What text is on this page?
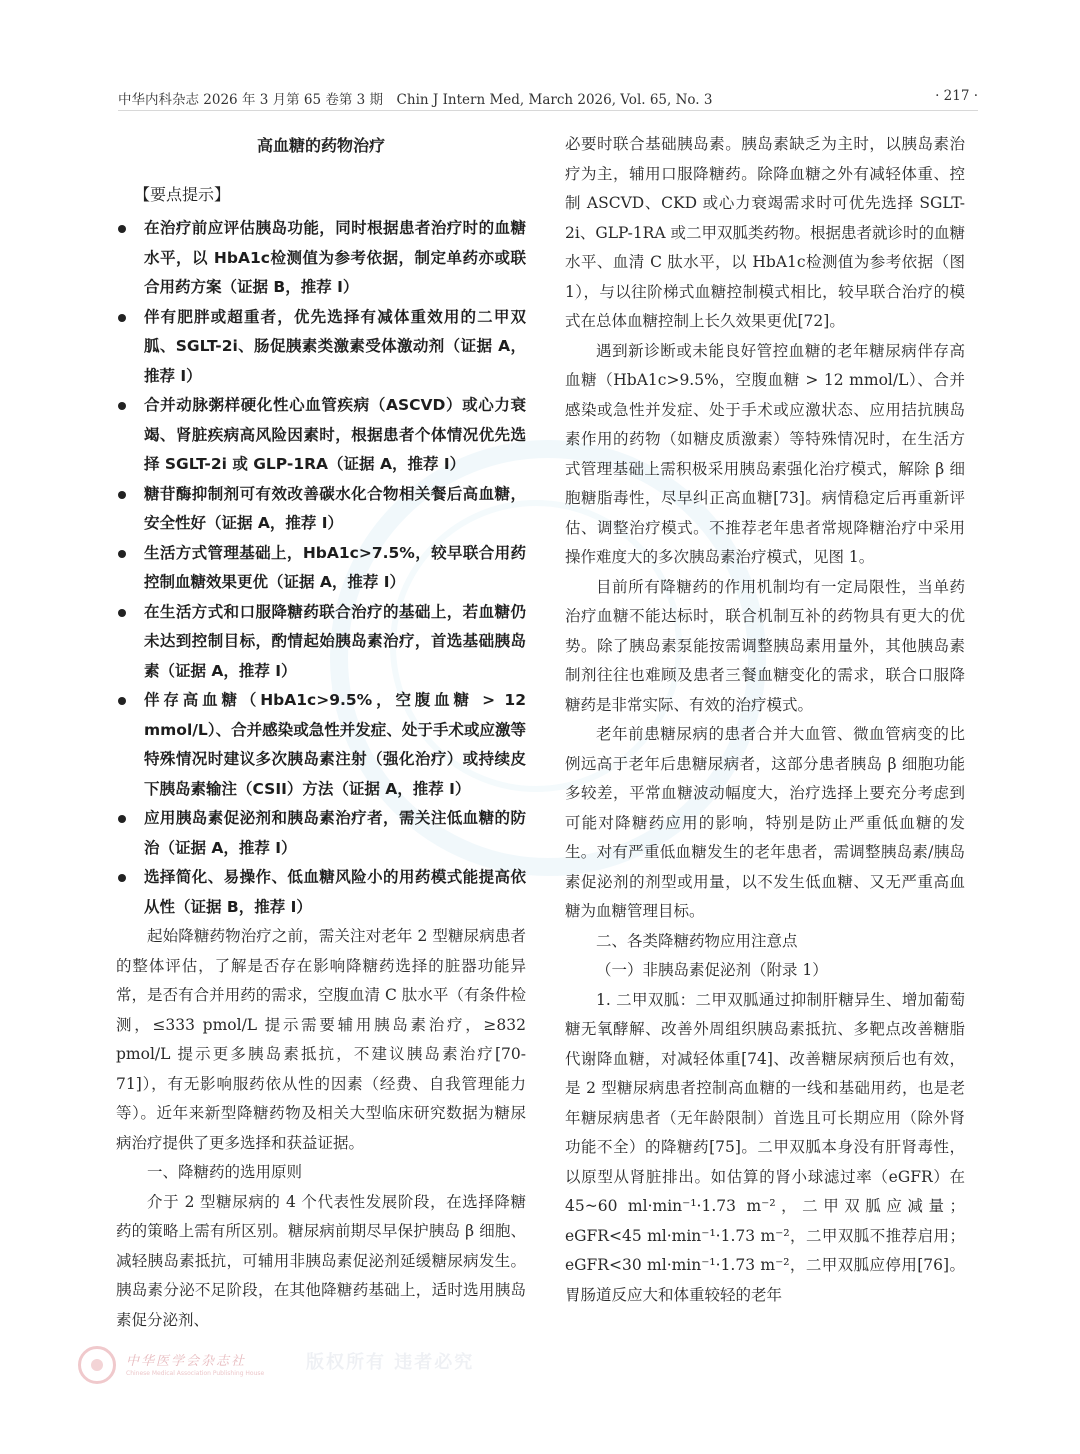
中华内科杂志 2026 年 3 月第 65 卷第 3 期　Chin J Intern Med, March 2026, Vol. 65, No. 3	· 217 ·
高血糖的药物治疗
【要点提示】
在治疗前应评估胰岛功能，同时根据患者治疗时的血糖水平，以 HbA1c检测值为参考依据，制定单药亦或联合用药方案（证据 B，推荐 Ⅰ）
伴有肥胖或超重者，优先选择有减体重效用的二甲双胍、SGLT-2i、肠促胰素类激素受体激动剂（证据 A，推荐 Ⅰ）
合并动脉粥样硬化性心血管疾病（ASCVD）或心力衰竭、肾脏疾病高风险因素时，根据患者个体情况优先选择 SGLT-2i 或 GLP-1RA（证据 A，推荐 Ⅰ）
糖苷酶抑制剂可有效改善碳水化合物相关餐后高血糖，安全性好（证据 A，推荐 Ⅰ）
生活方式管理基础上，HbA1c>7.5%，较早联合用药控制血糖效果更优（证据 A，推荐 Ⅰ）
在生活方式和口服降糖药联合治疗的基础上，若血糖仍未达到控制目标，酌情起始胰岛素治疗，首选基础胰岛素（证据 A，推荐 Ⅰ）
伴存高血糖（HbA1c>9.5%，空腹血糖 > 12 mmol/L）、合并感染或急性并发症、处于手术或应激等特殊情况时建议多次胰岛素注射（强化治疗）或持续皮下胰岛素输注（CSII）方法（证据 A，推荐 Ⅰ）
应用胰岛素促泌剂和胰岛素治疗者，需关注低血糖的防治（证据 A，推荐 Ⅰ）
选择简化、易操作、低血糖风险小的用药模式能提高依从性（证据 B，推荐 Ⅰ）

起始降糖药物治疗之前，需关注对老年 2 型糖尿病患者的整体评估，了解是否存在影响降糖药选择的脏器功能异常，是否有合并用药的需求，空腹血清 C 肽水平（有条件检测，≤333 pmol/L 提示需要辅用胰岛素治疗，≥832 pmol/L 提示更多胰岛素抵抗，不建议胰岛素治疗[70-71]），有无影响服药依从性的因素（经费、自我管理能力等）。近年来新型降糖药物及相关大型临床研究数据为糖尿病治疗提供了更多选择和获益证据。

一、降糖药的选用原则

介于 2 型糖尿病的 4 个代表性发展阶段，在选择降糖药的策略上需有所区别。糖尿病前期尽早保护胰岛 β 细胞、减轻胰岛素抵抗，可辅用非胰岛素促泌剂延缓糖尿病发生。胰岛素分泌不足阶段，在其他降糖药基础上，适时选用胰岛素促分泌剂、

必要时联合基础胰岛素。胰岛素缺乏为主时，以胰岛素治疗为主，辅用口服降糖药。除降血糖之外有减轻体重、控制 ASCVD、CKD 或心力衰竭需求时可优先选择 SGLT-2i、GLP-1RA 或二甲双胍类药物。根据患者就诊时的血糖水平、血清 C 肽水平，以 HbA1c检测值为参考依据（图 1），与以往阶梯式血糖控制模式相比，较早联合治疗的模式在总体血糖控制上长久效果更优[72]。

遇到新诊断或未能良好管控血糖的老年糖尿病伴存高血糖（HbA1c>9.5%，空腹血糖 > 12 mmol/L）、合并感染或急性并发症、处于手术或应激状态、应用拮抗胰岛素作用的药物（如糖皮质激素）等特殊情况时，在生活方式管理基础上需积极采用胰岛素强化治疗模式，解除 β 细胞糖脂毒性，尽早纠正高血糖[73]。病情稳定后再重新评估、调整治疗模式。不推荐老年患者常规降糖治疗中采用操作难度大的多次胰岛素治疗模式，见图 1。

目前所有降糖药的作用机制均有一定局限性，当单药治疗血糖不能达标时，联合机制互补的药物具有更大的优势。除了胰岛素泵能按需调整胰岛素用量外，其他胰岛素制剂往往也难顾及患者三餐血糖变化的需求，联合口服降糖药是非常实际、有效的治疗模式。

老年前患糖尿病的患者合并大血管、微血管病变的比例远高于老年后患糖尿病者，这部分患者胰岛 β 细胞功能多较差，平常血糖波动幅度大，治疗选择上要充分考虑到可能对降糖药应用的影响，特别是防止严重低血糖的发生。对有严重低血糖发生的老年患者，需调整胰岛素/胰岛素促泌剂的剂型或用量，以不发生低血糖、又无严重高血糖为血糖管理目标。

二、各类降糖药物应用注意点

（一）非胰岛素促泌剂（附录 1）

1. 二甲双胍：二甲双胍通过抑制肝糖异生、增加葡萄糖无氧酵解、改善外周组织胰岛素抵抗、多靶点改善糖脂代谢降血糖，对减轻体重[74]、改善糖尿病预后也有效，是 2 型糖尿病患者控制高血糖的一线和基础用药，也是老年糖尿病患者（无年龄限制）首选且可长期应用（除外肾功能不全）的降糖药[75]。二甲双胍本身没有肝肾毒性，以原型从肾脏排出。如估算的肾小球滤过率（eGFR）在 45~60 ml·min⁻¹·1.73 m⁻²，二甲双胍应减量；eGFR<45 ml·min⁻¹·1.73 m⁻²，二甲双胍不推荐启用；eGFR<30 ml·min⁻¹·1.73 m⁻²，二甲双胍应停用[76]。胃肠道反应大和体重较轻的老年

中华医学会杂志社
Chinese Medical Association Publishing House
版权所有 违者必究
